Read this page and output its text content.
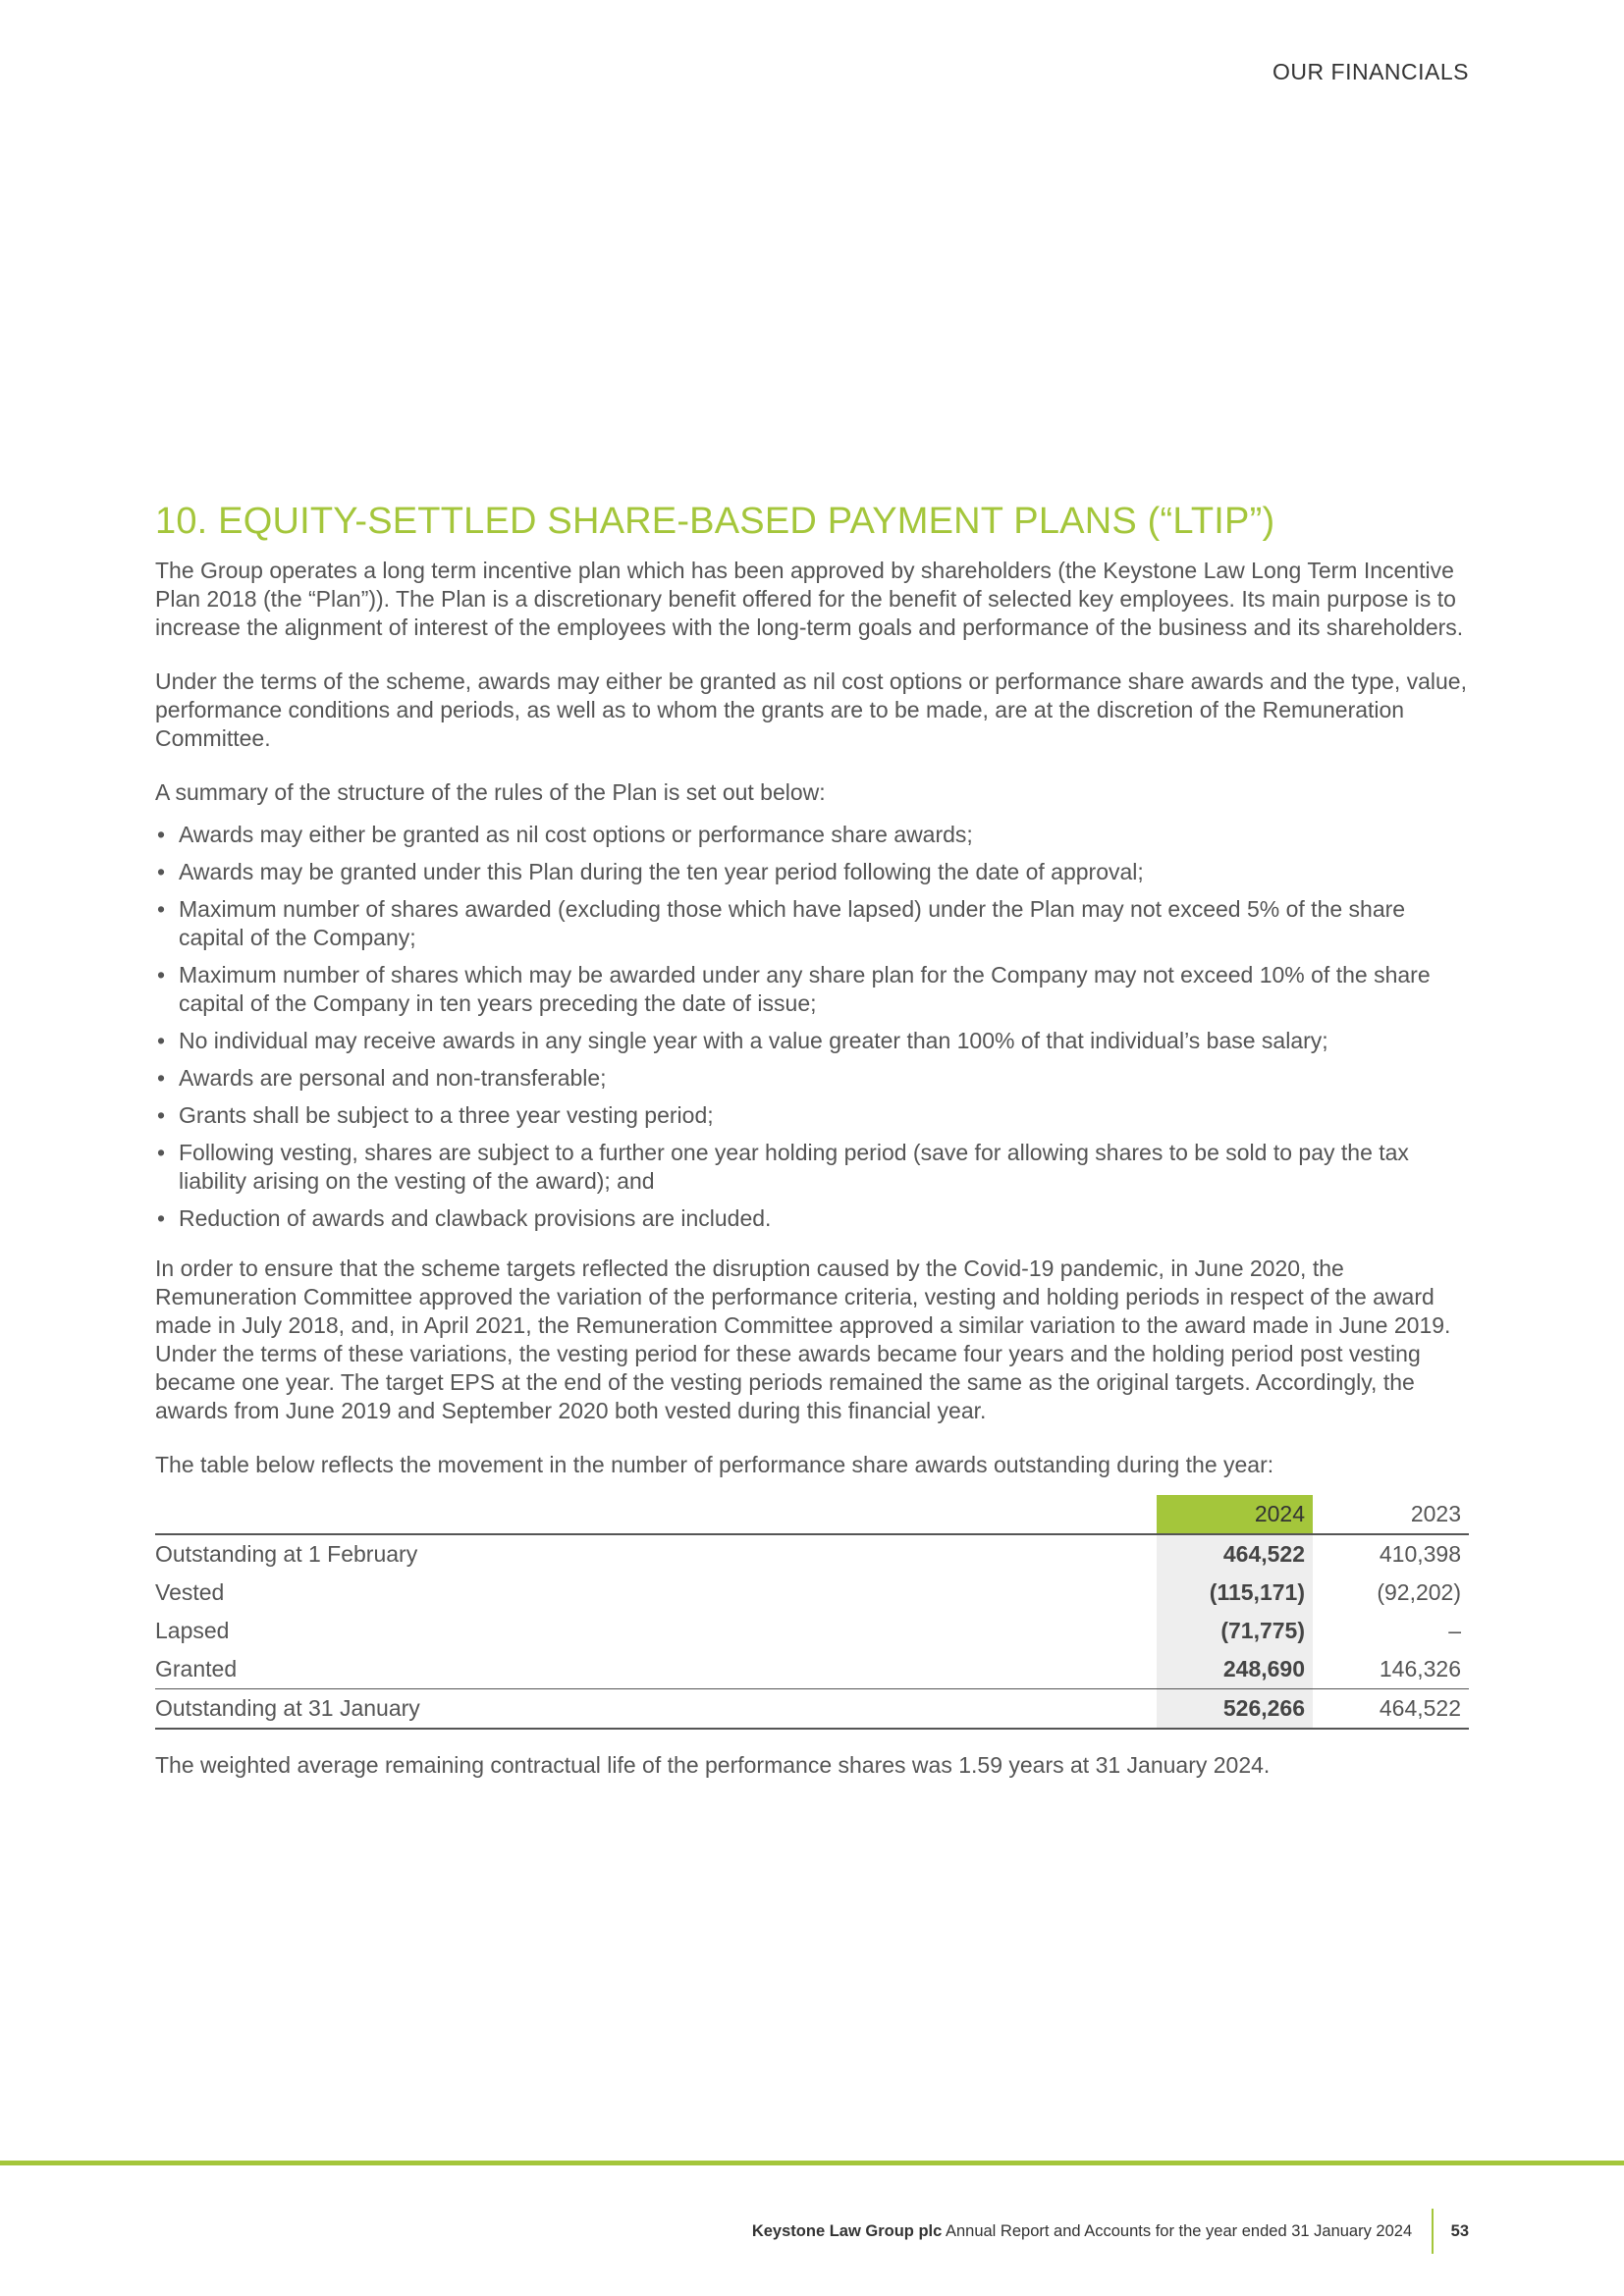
OUR FINANCIALS
10. EQUITY-SETTLED SHARE-BASED PAYMENT PLANS (“LTIP”)

The Group operates a long term incentive plan which has been approved by shareholders (the Keystone Law Long Term Incentive Plan 2018 (the “Plan”)). The Plan is a discretionary benefit offered for the benefit of selected key employees. Its main purpose is to increase the alignment of interest of the employees with the long-term goals and performance of the business and its shareholders.

Under the terms of the scheme, awards may either be granted as nil cost options or performance share awards and the type, value, performance conditions and periods, as well as to whom the grants are to be made, are at the discretion of the Remuneration Committee.

A summary of the structure of the rules of the Plan is set out below:

• Awards may either be granted as nil cost options or performance share awards;
• Awards may be granted under this Plan during the ten year period following the date of approval;
• Maximum number of shares awarded (excluding those which have lapsed) under the Plan may not exceed 5% of the share capital of the Company;
• Maximum number of shares which may be awarded under any share plan for the Company may not exceed 10% of the share capital of the Company in ten years preceding the date of issue;
• No individual may receive awards in any single year with a value greater than 100% of that individual’s base salary;
• Awards are personal and non-transferable;
• Grants shall be subject to a three year vesting period;
• Following vesting, shares are subject to a further one year holding period (save for allowing shares to be sold to pay the tax liability arising on the vesting of the award); and
• Reduction of awards and clawback provisions are included.

In order to ensure that the scheme targets reflected the disruption caused by the Covid-19 pandemic, in June 2020, the Remuneration Committee approved the variation of the performance criteria, vesting and holding periods in respect of the award made in July 2018, and, in April 2021, the Remuneration Committee approved a similar variation to the award made in June 2019. Under the terms of these variations, the vesting period for these awards became four years and the holding period post vesting became one year. The target EPS at the end of the vesting periods remained the same as the original targets. Accordingly, the awards from June 2019 and September 2020 both vested during this financial year.

The table below reflects the movement in the number of performance share awards outstanding during the year:

	2024	2023
Outstanding at 1 February	464,522	410,398
Vested	(115,171)	(92,202)
Lapsed	(71,775)	–
Granted	248,690	146,326
Outstanding at 31 January	526,266	464,522

The weighted average remaining contractual life of the performance shares was 1.59 years at 31 January 2024.

Keystone Law Group plc Annual Report and Accounts for the year ended 31 January 2024 53
